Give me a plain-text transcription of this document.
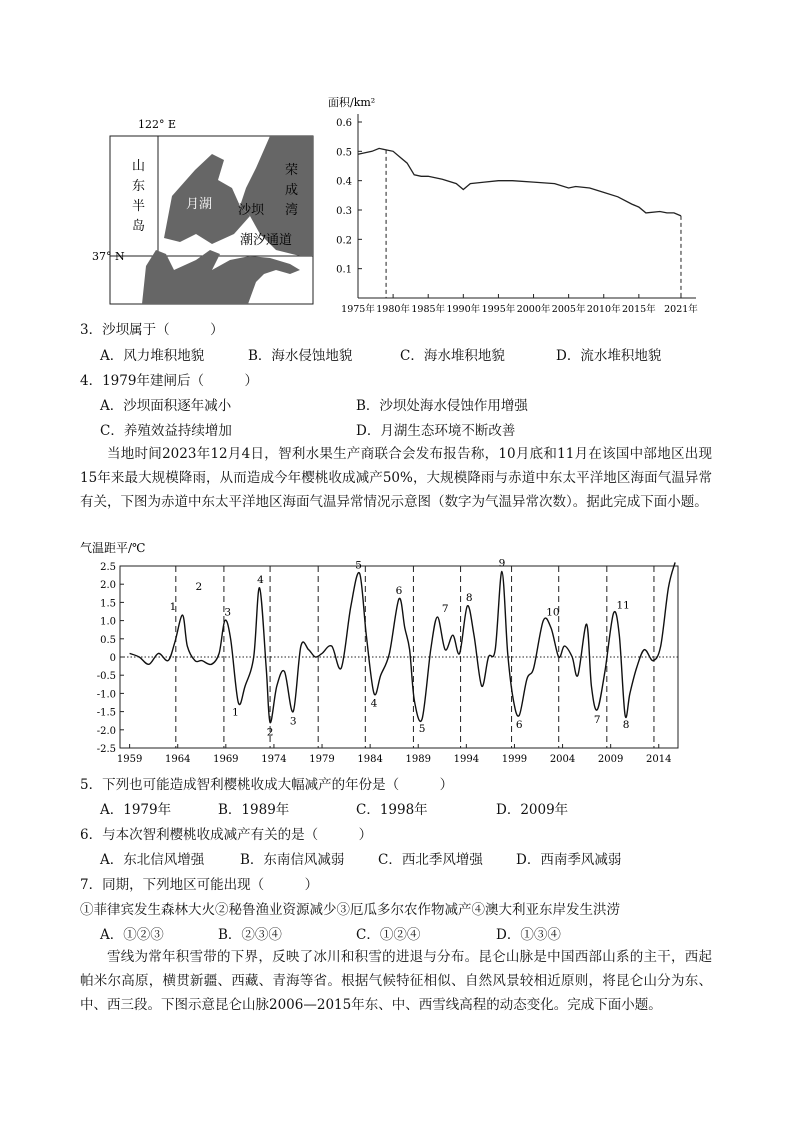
122° E
山
东
半
岛
荣
成
湾
月湖 沙坝
潮汐通道
37° N
面积/km²
0.6
0.5
0.4
0.3
0.2
0.1
1975年 1980年 1985年 1990年 1995年 2000年 2005年 2010年 2015年 2021年
3．沙坝属于（　　　）
A．风力堆积地貌	B．海水侵蚀地貌	C．海水堆积地貌	D．流水堆积地貌
4．1979年建闸后（　　　）
A．沙坝面积逐年减小	B．沙坝处海水侵蚀作用增强
C．养殖效益持续增加	D．月湖生态环境不断改善
当地时间2023年12月4日，智利水果生产商联合会发布报告称，10月底和11月在该国中部地区出现15年来最大规模降雨，从而造成今年樱桃收成减产50%，大规模降雨与赤道中东太平洋地区海面气温异常有关，下图为赤道中东太平洋地区海面气温异常情况示意图（数字为气温异常次数）。据此完成下面小题。
气温距平/℃
2.5
2.0
1.5
1.0
0.5
0
-0.5
-1.0
-1.5
-2.0
-2.5
1959 1964 1969 1974 1979 1984 1989 1994 1999 2004 2009 2014
1
2
3
4
5
6
7
8
9
10
11
1
2
3
4
5	6	7 8
5．下列也可能造成智利樱桃收成大幅减产的年份是（　　　）
A．1979年	B．1989年	C．1998年	D．2009年
6．与本次智利樱桃收成减产有关的是（　　　）
A．东北信风增强	B．东南信风减弱 C．西北季风增强 D．西南季风减弱
7．同期，下列地区可能出现（　　　）
①菲律宾发生森林大火②秘鲁渔业资源减少③厄瓜多尔农作物减产④澳大利亚东岸发生洪涝
A．①②③	B．②③④	C．①②④	D．①③④
雪线为常年积雪带的下界，反映了冰川和积雪的进退与分布。昆仑山脉是中国西部山系的主干，西起帕米尔高原，横贯新疆、西藏、青海等省。根据气候特征相似、自然风景较相近原则，将昆仑山分为东、中、西三段。下图示意昆仑山脉2006—2015年东、中、西雪线高程的动态变化。完成下面小题。
